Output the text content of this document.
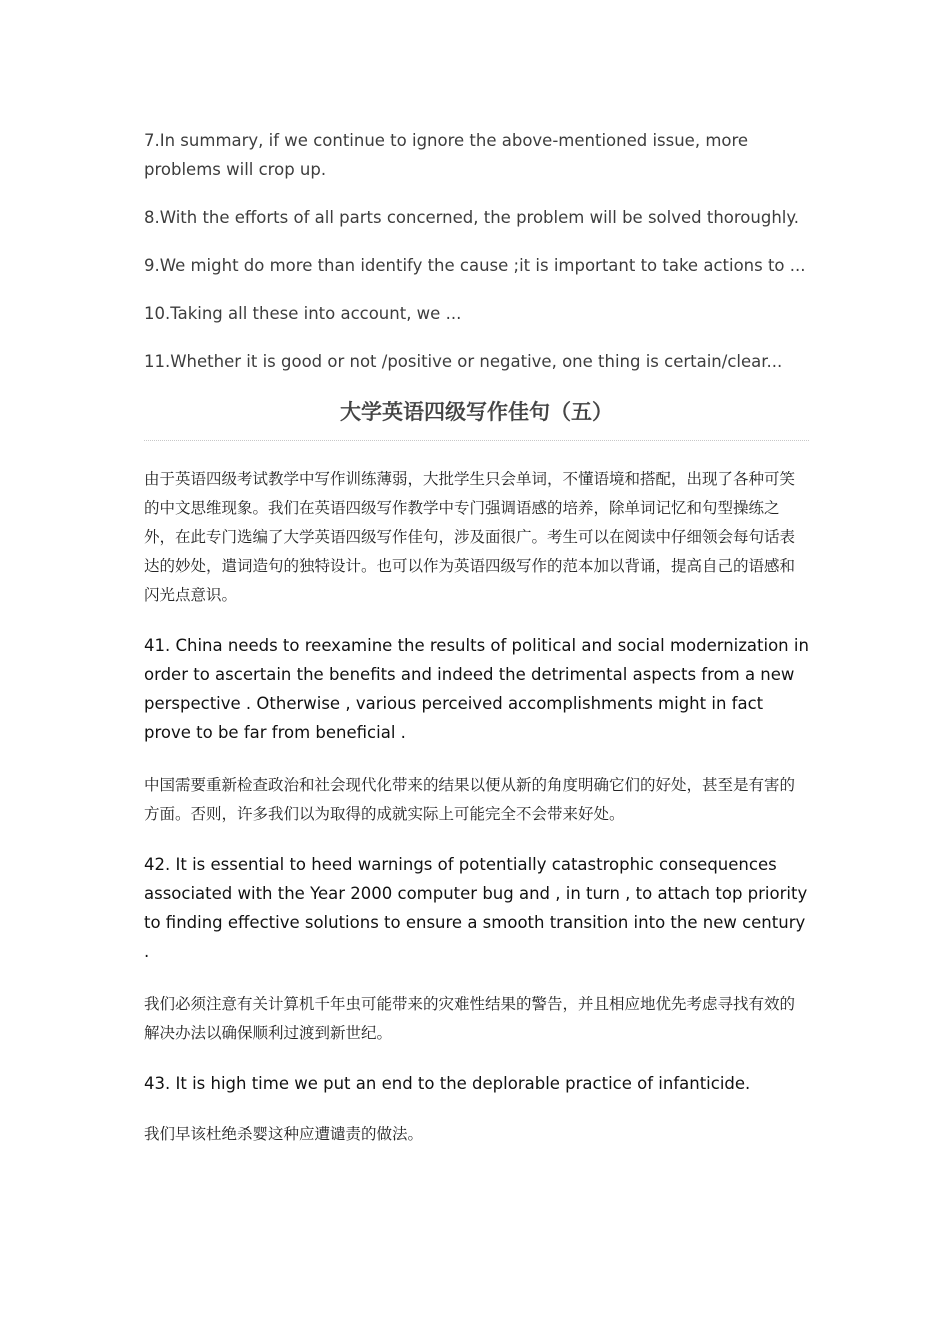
7.In summary, if we continue to ignore the above-mentioned issue, more problems will crop up.

8.With the efforts of all parts concerned, the problem will be solved thoroughly.

9.We might do more than identify the cause ;it is important to take actions to ...

10.Taking all these into account, we ...

11.Whether it is good or not /positive or negative, one thing is certain/clear...

大学英语四级写作佳句（五）

由于英语四级考试教学中写作训练薄弱，大批学生只会单词，不懂语境和搭配，出现了各种可笑的中文思维现象。我们在英语四级写作教学中专门强调语感的培养，除单词记忆和句型操练之外，在此专门选编了大学英语四级写作佳句，涉及面很广。考生可以在阅读中仔细领会每句话表达的妙处，遣词造句的独特设计。也可以作为英语四级写作的范本加以背诵，提高自己的语感和闪光点意识。

41. China needs to reexamine the results of political and social modernization in order to ascertain the benefits and indeed the detrimental aspects from a new perspective . Otherwise , various perceived accomplishments might in fact prove to be far from beneficial .

中国需要重新检查政治和社会现代化带来的结果以便从新的角度明确它们的好处，甚至是有害的方面。否则，许多我们以为取得的成就实际上可能完全不会带来好处。

42. It is essential to heed warnings of potentially catastrophic consequences associated with the Year 2000 computer bug and , in turn , to attach top priority to finding effective solutions to ensure a smooth transition into the new century .

我们必须注意有关计算机千年虫可能带来的灾难性结果的警告，并且相应地优先考虑寻找有效的解决办法以确保顺利过渡到新世纪。

43. It is high time we put an end to the deplorable practice of infanticide.

我们早该杜绝杀婴这种应遭谴责的做法。
